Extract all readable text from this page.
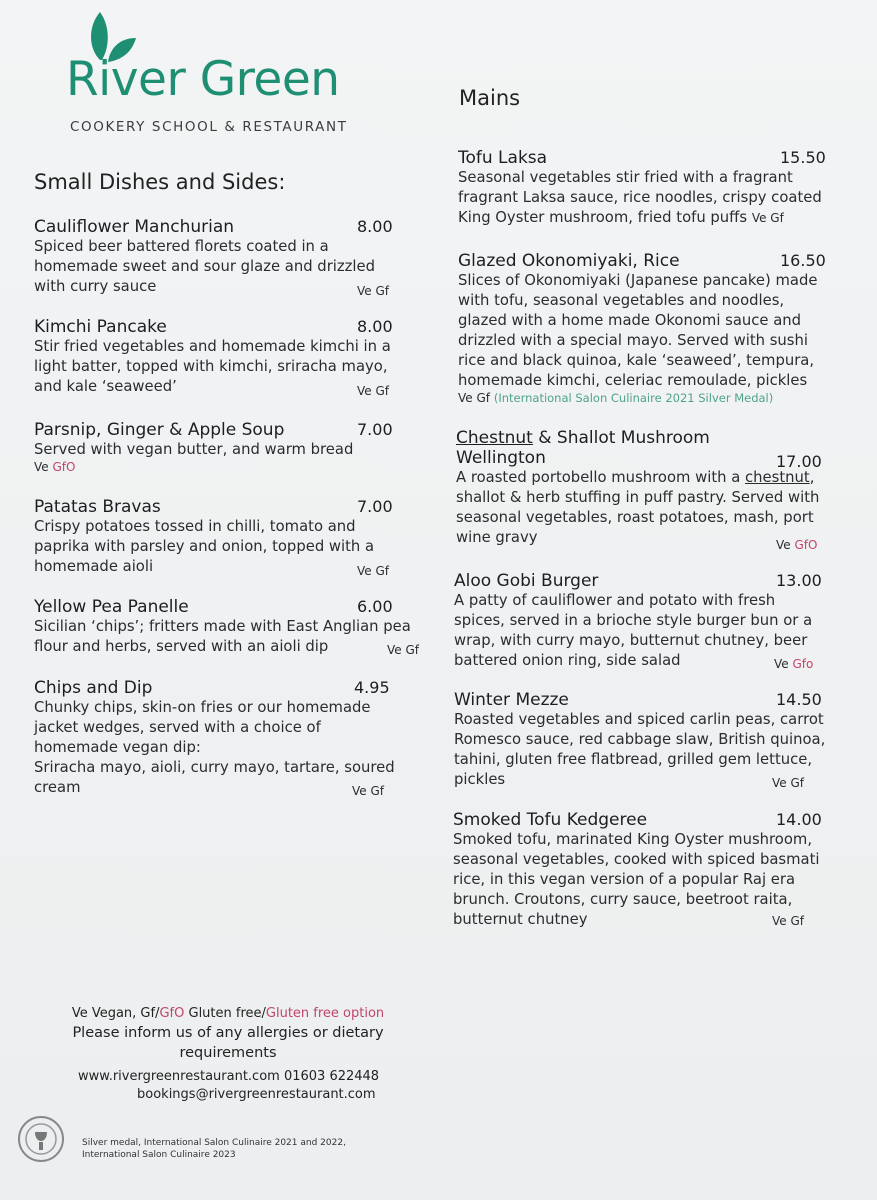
River Green
COOKERY SCHOOL & RESTAURANT
Small Dishes and Sides:
Cauliflower Manchurian	8.00
Spiced beer battered florets coated in a
homemade sweet and sour glaze and drizzled
with curry sauce	Ve Gf
Kimchi Pancake	8.00
Stir fried vegetables and homemade kimchi in a
light batter, topped with kimchi, sriracha mayo,
and kale ‘seaweed’	Ve Gf
Parsnip, Ginger & Apple Soup	7.00
Served with vegan butter, and warm bread
Ve GfO
Patatas Bravas	7.00
Crispy potatoes tossed in chilli, tomato and
paprika with parsley and onion, topped with a
homemade aioli	Ve Gf
Yellow Pea Panelle	6.00
Sicilian ‘chips’; fritters made with East Anglian pea
flour and herbs, served with an aioli dip	Ve Gf
Chips and Dip	4.95
Chunky chips, skin-on fries or our homemade
jacket wedges, served with a choice of
homemade vegan dip:
Sriracha mayo, aioli, curry mayo, tartare, soured
cream	Ve Gf
Mains
Tofu Laksa	15.50
Seasonal vegetables stir fried with a fragrant
fragrant Laksa sauce, rice noodles, crispy coated
King Oyster mushroom, fried tofu puffs Ve Gf
Glazed Okonomiyaki, Rice	16.50
Slices of Okonomiyaki (Japanese pancake) made
with tofu, seasonal vegetables and noodles,
glazed with a home made Okonomi sauce and
drizzled with a special mayo. Served with sushi
rice and black quinoa, kale ‘seaweed’, tempura,
homemade kimchi, celeriac remoulade, pickles
Ve Gf (International Salon Culinaire 2021 Silver Medal)
Chestnut & Shallot Mushroom
Wellington	17.00
A roasted portobello mushroom with a chestnut,
shallot & herb stuffing in puff pastry. Served with
seasonal vegetables, roast potatoes, mash, port
wine gravy	Ve GfO
Aloo Gobi Burger	13.00
A patty of cauliflower and potato with fresh
spices, served in a brioche style burger bun or a
wrap, with curry mayo, butternut chutney, beer
battered onion ring, side salad	Ve Gfo
Winter Mezze	14.50
Roasted vegetables and spiced carlin peas, carrot
Romesco sauce, red cabbage slaw, British quinoa,
tahini, gluten free flatbread, grilled gem lettuce,
pickles	Ve Gf
Smoked Tofu Kedgeree	14.00
Smoked tofu, marinated King Oyster mushroom,
seasonal vegetables, cooked with spiced basmati
rice, in this vegan version of a popular Raj era
brunch. Croutons, curry sauce, beetroot raita,
butternut chutney	Ve Gf
Ve Vegan, Gf/GfO Gluten free/Gluten free option
Please inform us of any allergies or dietary
requirements
www.rivergreenrestaurant.com 01603 622448
bookings@rivergreenrestaurant.com
Silver medal, International Salon Culinaire 2021 and 2022,
International Salon Culinaire 2023
